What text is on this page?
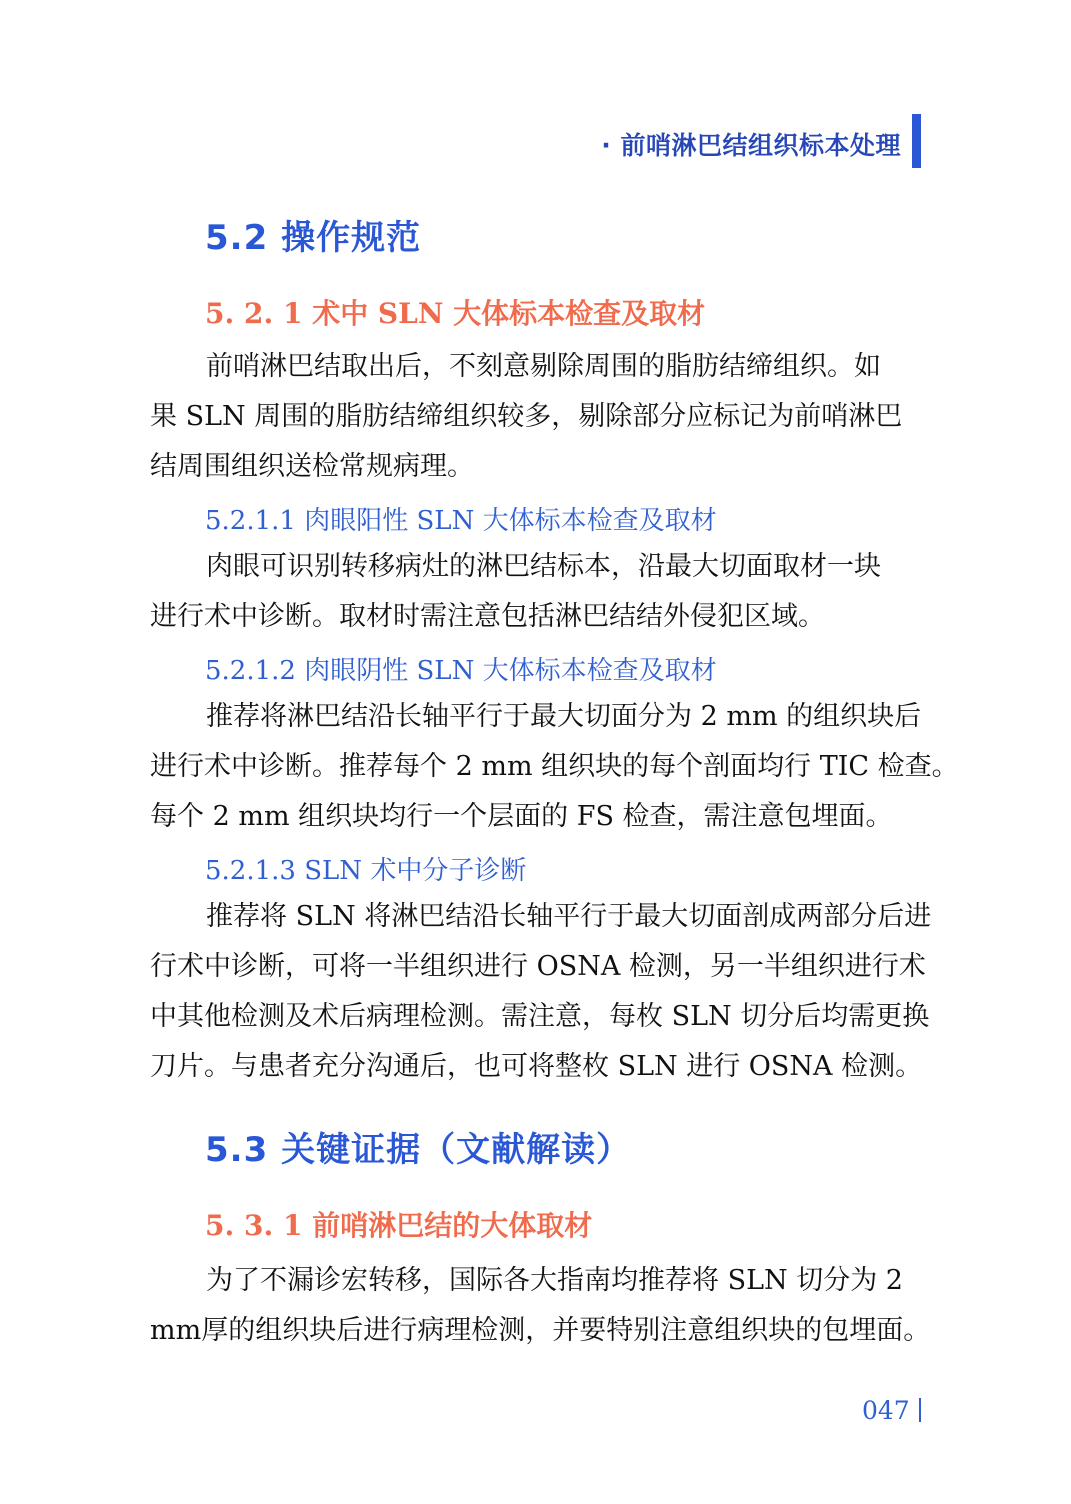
· 前哨淋巴结组织标本处理
5.2 操作规范
5. 2. 1 术中 SLN 大体标本检查及取材
前哨淋巴结取出后，不刻意剔除周围的脂肪结缔组织。如
果 SLN 周围的脂肪结缔组织较多，剔除部分应标记为前哨淋巴
结周围组织送检常规病理。
5.2.1.1 肉眼阳性 SLN 大体标本检查及取材
肉眼可识别转移病灶的淋巴结标本，沿最大切面取材一块
进行术中诊断。取材时需注意包括淋巴结结外侵犯区域。
5.2.1.2 肉眼阴性 SLN 大体标本检查及取材
推荐将淋巴结沿长轴平行于最大切面分为 2 mm 的组织块后
进行术中诊断。推荐每个 2 mm 组织块的每个剖面均行 TIC 检查。
每个 2 mm 组织块均行一个层面的 FS 检查，需注意包埋面。
5.2.1.3 SLN 术中分子诊断
推荐将 SLN 将淋巴结沿长轴平行于最大切面剖成两部分后进
行术中诊断，可将一半组织进行 OSNA 检测，另一半组织进行术
中其他检测及术后病理检测。需注意，每枚 SLN 切分后均需更换
刀片。与患者充分沟通后，也可将整枚 SLN 进行 OSNA 检测。
5.3 关键证据（文献解读）
5. 3. 1 前哨淋巴结的大体取材
为了不漏诊宏转移，国际各大指南均推荐将 SLN 切分为 2
mm厚的组织块后进行病理检测，并要特别注意组织块的包埋面。
047
